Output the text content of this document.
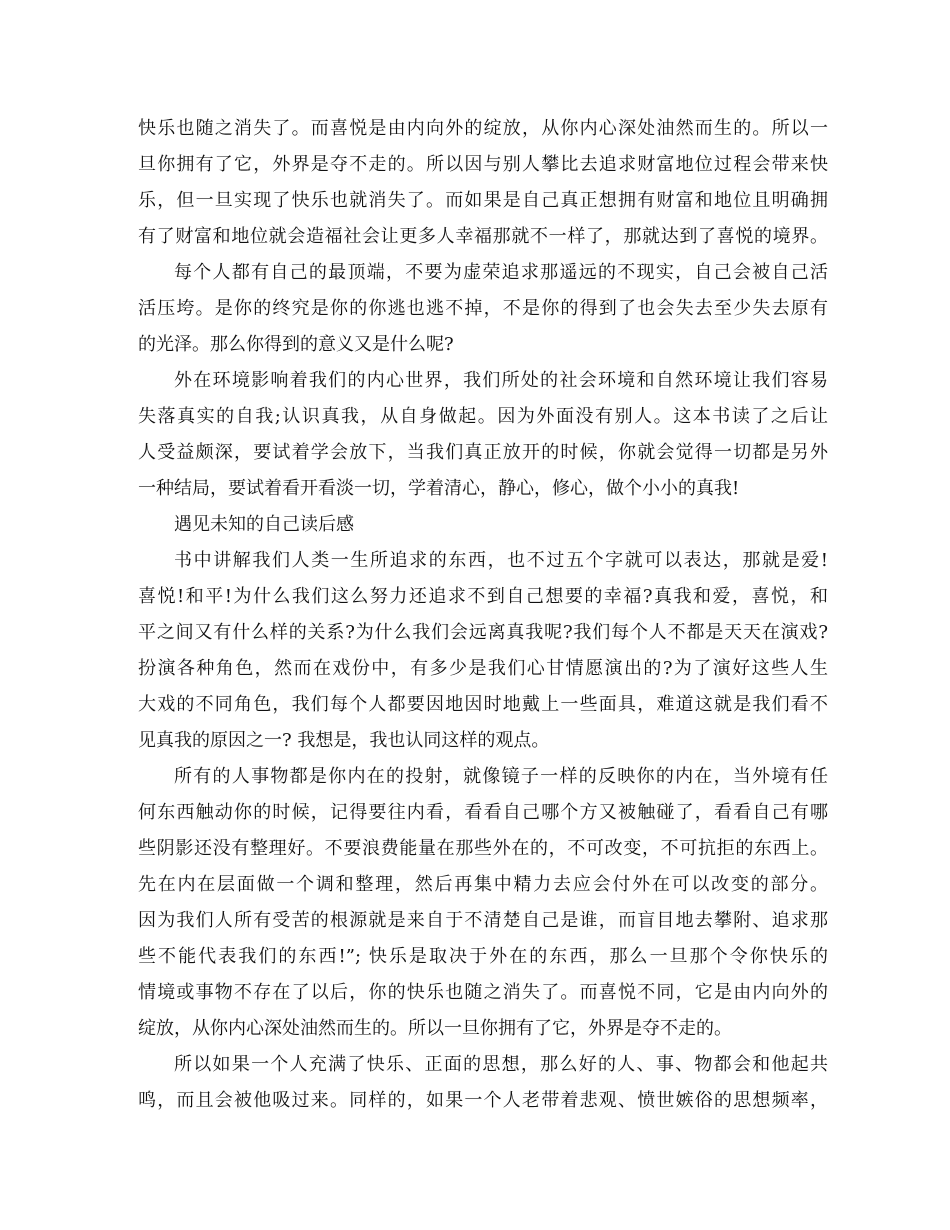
快乐也随之消失了。而喜悦是由内向外的绽放，从你内心深处油然而生的。所以一
旦你拥有了它，外界是夺不走的。所以因与别人攀比去追求财富地位过程会带来快
乐，但一旦实现了快乐也就消失了。而如果是自己真正想拥有财富和地位且明确拥
有了财富和地位就会造福社会让更多人幸福那就不一样了，那就达到了喜悦的境界。
每个人都有自己的最顶端，不要为虚荣追求那遥远的不现实，自己会被自己活
活压垮。是你的终究是你的你逃也逃不掉，不是你的得到了也会失去至少失去原有
的光泽。那么你得到的意义又是什么呢?
外在环境影响着我们的内心世界，我们所处的社会环境和自然环境让我们容易
失落真实的自我;认识真我，从自身做起。因为外面没有别人。这本书读了之后让
人受益颇深，要试着学会放下，当我们真正放开的时候，你就会觉得一切都是另外
一种结局，要试着看开看淡一切，学着清心，静心，修心，做个小小的真我!
遇见未知的自己读后感
书中讲解我们人类一生所追求的东西，也不过五个字就可以表达，那就是爱!
喜悦!和平!为什么我们这么努力还追求不到自己想要的幸福?真我和爱，喜悦，和
平之间又有什么样的关系?为什么我们会远离真我呢?我们每个人不都是天天在演戏?
扮演各种角色，然而在戏份中，有多少是我们心甘情愿演出的?为了演好这些人生
大戏的不同角色，我们每个人都要因地因时地戴上一些面具，难道这就是我们看不
见真我的原因之一? 我想是，我也认同这样的观点。
所有的人事物都是你内在的投射，就像镜子一样的反映你的内在，当外境有任
何东西触动你的时候，记得要往内看，看看自己哪个方又被触碰了，看看自己有哪
些阴影还没有整理好。不要浪费能量在那些外在的，不可改变，不可抗拒的东西上。
先在内在层面做一个调和整理，然后再集中精力去应会付外在可以改变的部分。
因为我们人所有受苦的根源就是来自于不清楚自己是谁，而盲目地去攀附、追求那
些不能代表我们的东西!”; 快乐是取决于外在的东西，那么一旦那个令你快乐的
情境或事物不存在了以后，你的快乐也随之消失了。而喜悦不同，它是由内向外的
绽放，从你内心深处油然而生的。所以一旦你拥有了它，外界是夺不走的。
所以如果一个人充满了快乐、正面的思想，那么好的人、事、物都会和他起共
鸣，而且会被他吸过来。同样的，如果一个人老带着悲观、愤世嫉俗的思想频率，
